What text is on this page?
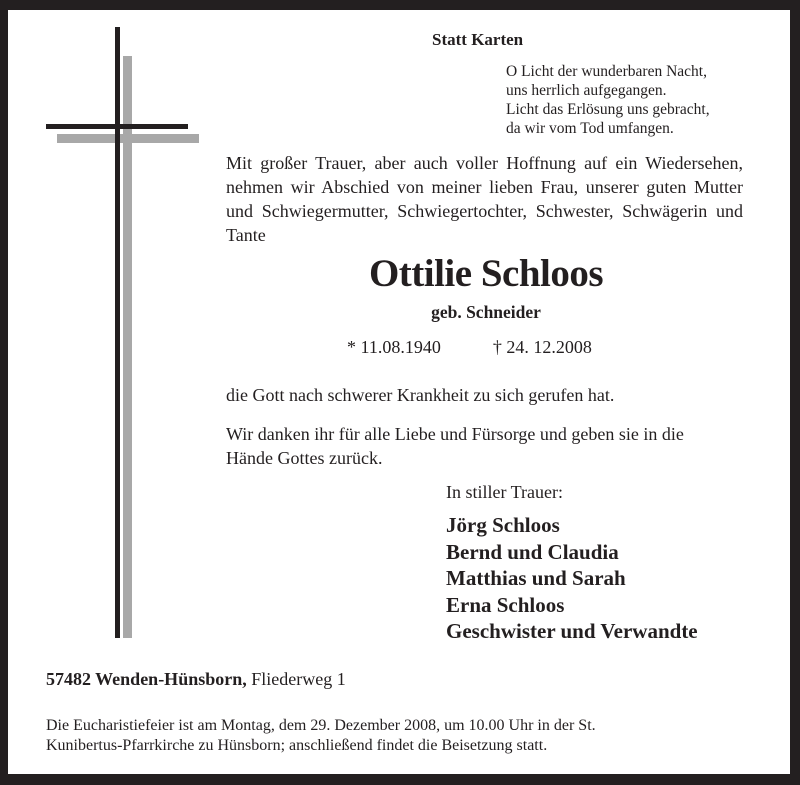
Statt Karten
O Licht der wunderbaren Nacht,
uns herrlich aufgegangen.
Licht das Erlösung uns gebracht,
da wir vom Tod umfangen.
Mit großer Trauer, aber auch voller Hoffnung auf ein Wiedersehen, nehmen wir Abschied von meiner lieben Frau, unserer guten Mutter und Schwiegermutter, Schwiegertochter, Schwester, Schwägerin und Tante
Ottilie Schloos
geb. Schneider
* 11.08.1940	† 24. 12.2008
die Gott nach schwerer Krankheit zu sich gerufen hat.
Wir danken ihr für alle Liebe und Fürsorge und geben sie in die
Hände Gottes zurück.
In stiller Trauer:
Jörg Schloos
Bernd und Claudia
Matthias und Sarah
Erna Schloos
Geschwister und Verwandte
57482 Wenden-Hünsborn, Fliederweg 1
Die Eucharistiefeier ist am Montag, dem 29. Dezember 2008, um 10.00 Uhr in der St.
Kunibertus-Pfarrkirche zu Hünsborn; anschließend findet die Beisetzung statt.
